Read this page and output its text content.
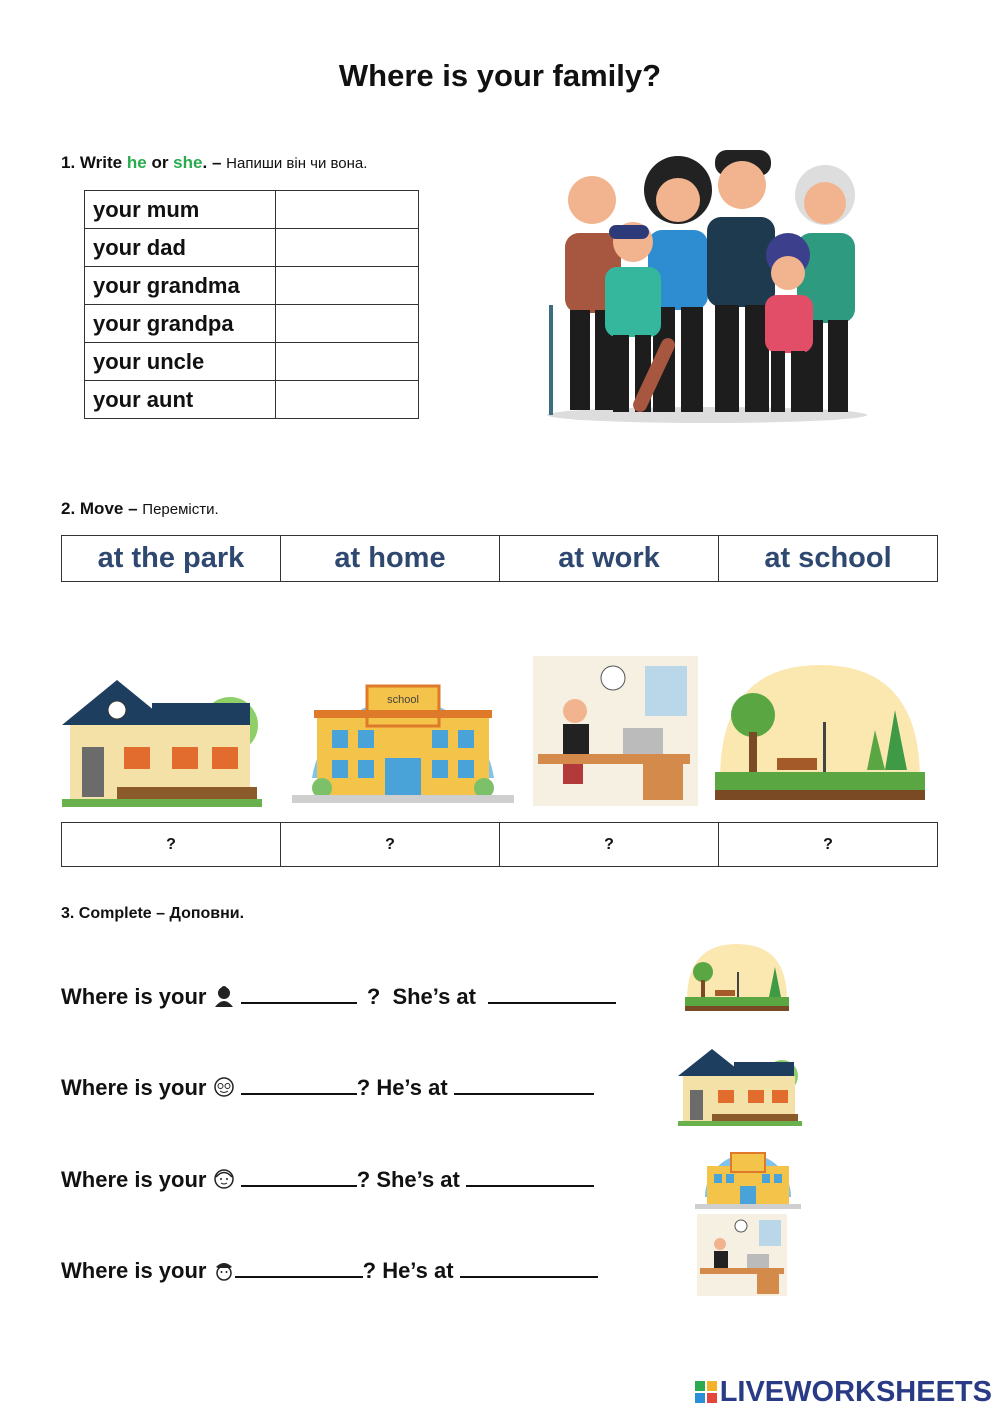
Where is your family?
1. Write he or she. – Напиши він чи вона.
your mum	
your dad	
your grandma	
your grandpa	
your uncle	
your aunt	
2. Move – Перемісти.
at the park	at home	at work	at school
school
?	?	?	?
3. Complete – Доповни.
Where is your	? She’s at
Where is your	? He’s at
Where is your	? She’s at
Where is your	? He’s at
LIVEWORKSHEETS
